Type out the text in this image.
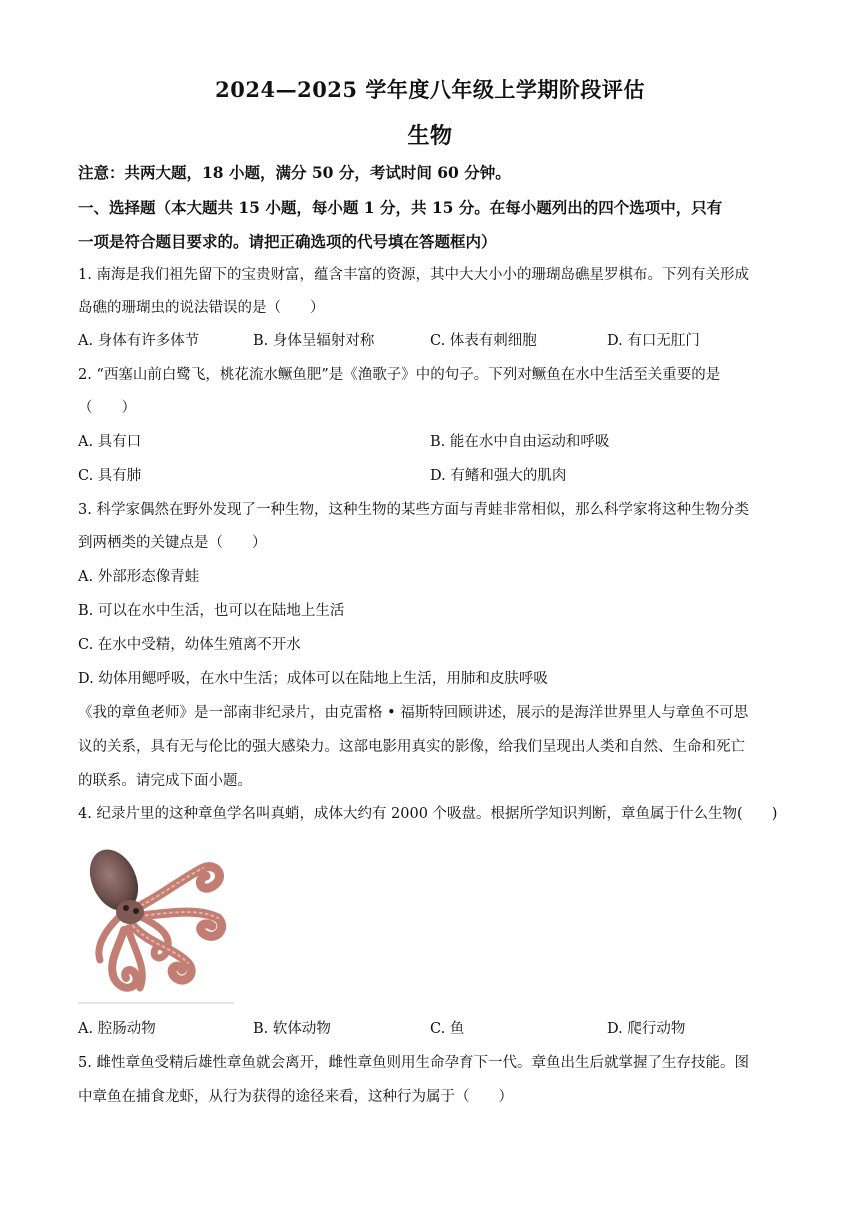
2024—2025 学年度八年级上学期阶段评估
生物
注意：共两大题，18 小题，满分 50 分，考试时间 60 分钟。
一、选择题（本大题共 15 小题，每小题 1 分，共 15 分。在每小题列出的四个选项中，只有
一项是符合题目要求的。请把正确选项的代号填在答题框内）
1. 南海是我们祖先留下的宝贵财富，蕴含丰富的资源，其中大大小小的珊瑚岛礁星罗棋布。下列有关形成
岛礁的珊瑚虫的说法错误的是（　　）
A. 身体有许多体节	B. 身体呈辐射对称	C. 体表有刺细胞	D. 有口无肛门
2. “西塞山前白鹭飞，桃花流水鳜鱼肥”是《渔歌子》中的句子。下列对鳜鱼在水中生活至关重要的是
（　　）
A. 具有口	B. 能在水中自由运动和呼吸
C. 具有肺	D. 有鳍和强大的肌肉
3. 科学家偶然在野外发现了一种生物，这种生物的某些方面与青蛙非常相似，那么科学家将这种生物分类
到两栖类的关键点是（　　）
A. 外部形态像青蛙
B. 可以在水中生活，也可以在陆地上生活
C. 在水中受精，幼体生殖离不开水
D. 幼体用鳃呼吸，在水中生活；成体可以在陆地上生活，用肺和皮肤呼吸
《我的章鱼老师》是一部南非纪录片，由克雷格 • 福斯特回顾讲述，展示的是海洋世界里人与章鱼不可思
议的关系，具有无与伦比的强大感染力。这部电影用真实的影像，给我们呈现出人类和自然、生命和死亡
的联系。请完成下面小题。
4. 纪录片里的这种章鱼学名叫真蛸，成体大约有 2000 个吸盘。根据所学知识判断，章鱼属于什么生物(　　)
A. 腔肠动物	B. 软体动物	C. 鱼	D. 爬行动物
5. 雌性章鱼受精后雄性章鱼就会离开，雌性章鱼则用生命孕育下一代。章鱼出生后就掌握了生存技能。图
中章鱼在捕食龙虾，从行为获得的途径来看，这种行为属于（　　）
